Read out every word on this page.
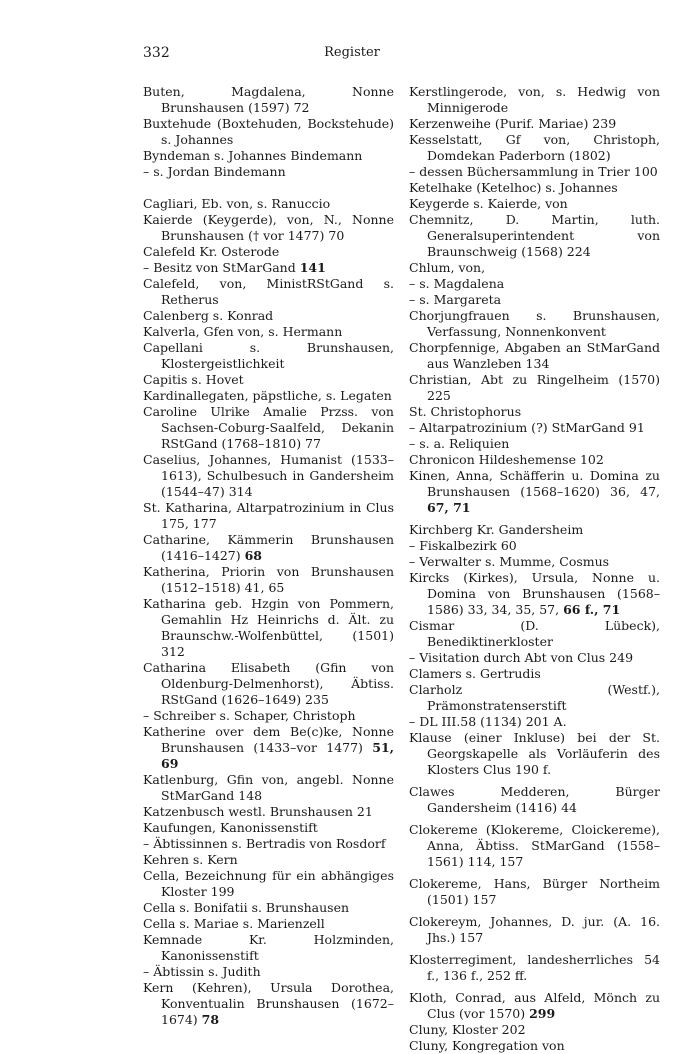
332	Register

Buten, Magdalena, Nonne Brunshausen (1597) 72

Buxtehude (Boxtehuden, Bockstehude) s. Johannes

Byndeman s. Johannes Bindemann

– s. Jordan Bindemann

Cagliari, Eb. von, s. Ranuccio

Kaierde (Keygerde), von, N., Nonne Brunshausen († vor 1477) 70

Calefeld Kr. Osterode

– Besitz von StMarGand 141

Calefeld, von, MinistRStGand s. Retherus

Calenberg s. Konrad

Kalverla, Gfen von, s. Hermann

Capellani s. Brunshausen, Klostergeistlichkeit

Capitis s. Hovet

Kardinallegaten, päpstliche, s. Legaten

Caroline Ulrike Amalie Przss. von Sachsen-Coburg-Saalfeld, Dekanin RStGand (1768–1810) 77

Caselius, Johannes, Humanist (1533–1613), Schulbesuch in Gandersheim (1544–47) 314

St. Katharina, Altarpatrozinium in Clus 175, 177

Catharine, Kämmerin Brunshausen (1416–1427) 68

Katherina, Priorin von Brunshausen (1512–1518) 41, 65

Katharina geb. Hzgin von Pommern, Gemahlin Hz Heinrichs d. Ält. zu Braunschw.-Wolfenbüttel, (1501) 312

Catharina Elisabeth (Gfin von Oldenburg-Delmenhorst), Äbtiss. RStGand (1626–1649) 235

– Schreiber s. Schaper, Christoph

Katherine over dem Be(c)ke, Nonne Brunshausen (1433–vor 1477) 51, 69

Katlenburg, Gfin von, angebl. Nonne StMarGand 148

Katzenbusch westl. Brunshausen 21

Kaufungen, Kanonissenstift

– Äbtissinnen s. Bertradis von Rosdorf

Kehren s. Kern

Cella, Bezeichnung für ein abhängiges Kloster 199

Cella s. Bonifatii s. Brunshausen

Cella s. Mariae s. Marienzell

Kemnade Kr. Holzminden, Kanonissenstift

– Äbtissin s. Judith

Kern (Kehren), Ursula Dorothea, Konventualin Brunshausen (1672–1674) 78

Kerstlingerode, von, s. Hedwig von Minnigerode

Kerzenweihe (Purif. Mariae) 239

Kesselstatt, Gf von, Christoph, Domdekan Paderborn (1802)

– dessen Büchersammlung in Trier 100

Ketelhake (Ketelhoc) s. Johannes

Keygerde s. Kaierde, von

Chemnitz, D. Martin, luth. Generalsuperintendent von Braunschweig (1568) 224

Chlum, von,

– s. Magdalena

– s. Margareta

Chorjungfrauen s. Brunshausen, Verfassung, Nonnenkonvent

Chorpfennige, Abgaben an StMarGand aus Wanzleben 134

Christian, Abt zu Ringelheim (1570) 225

St. Christophorus

– Altarpatrozinium (?) StMarGand 91

– s. a. Reliquien

Chronicon Hildeshemense 102

Kinen, Anna, Schäfferin u. Domina zu Brunshausen (1568–1620) 36, 47, 67, 71

Kirchberg Kr. Gandersheim

– Fiskalbezirk 60

– Verwalter s. Mumme, Cosmus

Kircks (Kirkes), Ursula, Nonne u. Domina von Brunshausen (1568–1586) 33, 34, 35, 57, 66 f., 71

Cismar (D. Lübeck), Benediktinerkloster

– Visitation durch Abt von Clus 249

Clamers s. Gertrudis

Clarholz (Westf.), Prämonstratenserstift

– DL III.58 (1134) 201 A.

Klause (einer Inkluse) bei der St. Georgskapelle als Vorläuferin des Klosters Clus 190 f.

Clawes Medderen, Bürger Gandersheim (1416) 44

Clokereme (Klokereme, Cloickereme), Anna, Äbtiss. StMarGand (1558–1561) 114, 157

Clokereme, Hans, Bürger Northeim (1501) 157

Clokereym, Johannes, D. jur. (A. 16. Jhs.) 157

Klosterregiment, landesherrliches 54 f., 136 f., 252 ff.

Kloth, Conrad, aus Alfeld, Mönch zu Clus (vor 1570) 299

Cluny, Kloster 202

Cluny, Kongregation von
